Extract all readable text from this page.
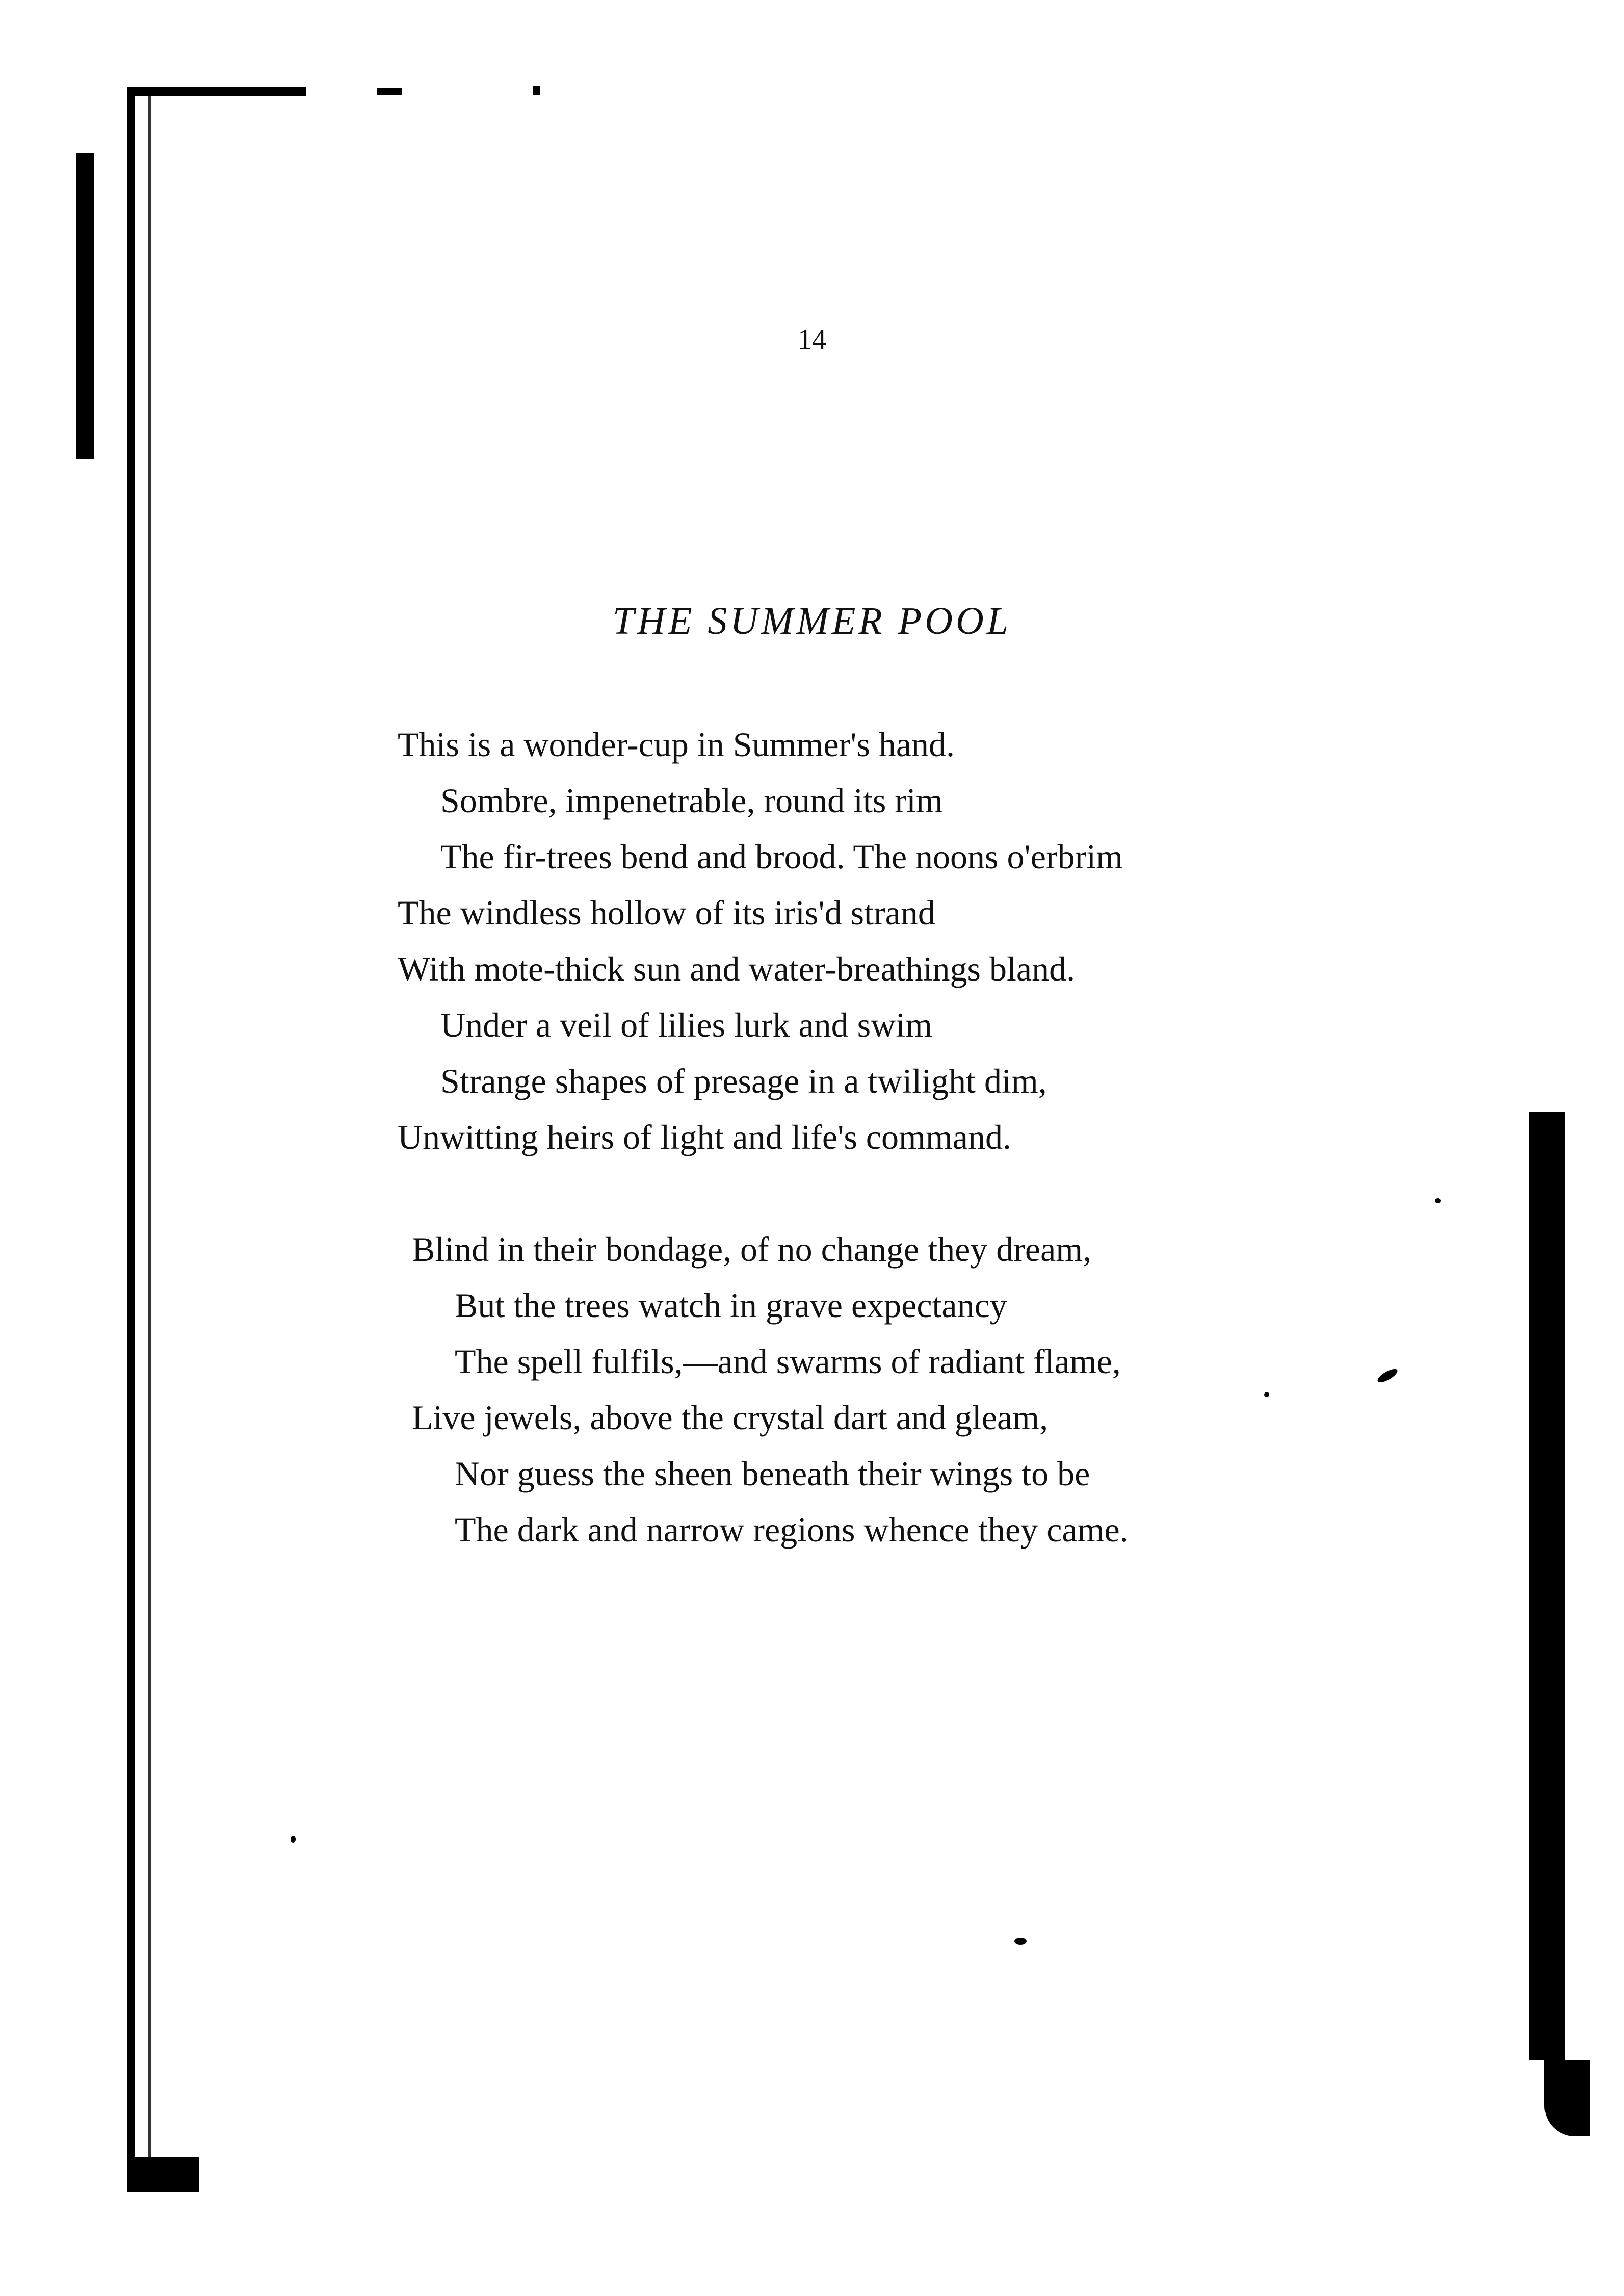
14
THE SUMMER POOL
This is a wonder-cup in Summer's hand.
Sombre, impenetrable, round its rim
The fir-trees bend and brood. The noons o'erbrim
The windless hollow of its iris'd strand
With mote-thick sun and water-breathings bland.
Under a veil of lilies lurk and swim
Strange shapes of presage in a twilight dim,
Unwitting heirs of light and life's command.
Blind in their bondage, of no change they dream,
But the trees watch in grave expectancy
The spell fulfils,—and swarms of radiant flame,
Live jewels, above the crystal dart and gleam,
Nor guess the sheen beneath their wings to be
The dark and narrow regions whence they came.
